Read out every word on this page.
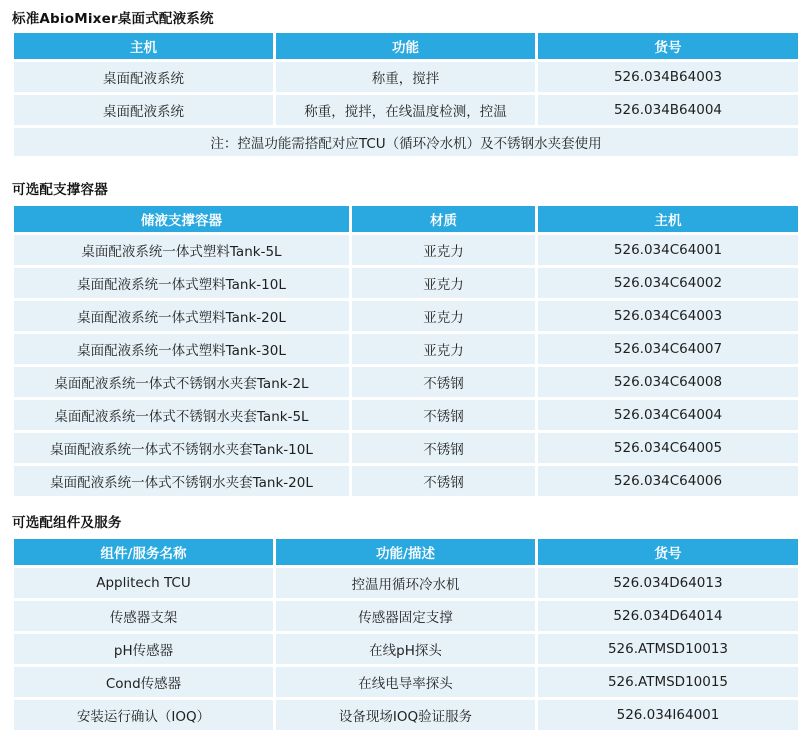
标准AbioMixer桌面式配液系统
主机	功能	货号
桌面配液系统	称重，搅拌	526.034B64003
桌面配液系统	称重，搅拌，在线温度检测，控温	526.034B64004
注：控温功能需搭配对应TCU（循环冷水机）及不锈钢水夹套使用		
可选配支撑容器
储液支撑容器	材质	主机
桌面配液系统一体式塑料Tank-5L	亚克力	526.034C64001
桌面配液系统一体式塑料Tank-10L	亚克力	526.034C64002
桌面配液系统一体式塑料Tank-20L	亚克力	526.034C64003
桌面配液系统一体式塑料Tank-30L	亚克力	526.034C64007
桌面配液系统一体式不锈钢水夹套Tank-2L	不锈钢	526.034C64008
桌面配液系统一体式不锈钢水夹套Tank-5L	不锈钢	526.034C64004
桌面配液系统一体式不锈钢水夹套Tank-10L	不锈钢	526.034C64005
桌面配液系统一体式不锈钢水夹套Tank-20L	不锈钢	526.034C64006
可选配组件及服务
组件/服务名称	功能/描述	货号
Applitech TCU	控温用循环冷水机	526.034D64013
传感器支架	传感器固定支撑	526.034D64014
pH传感器	在线pH探头	526.ATMSD10013
Cond传感器	在线电导率探头	526.ATMSD10015
安装运行确认（IOQ）	设备现场IOQ验证服务	526.034I64001
